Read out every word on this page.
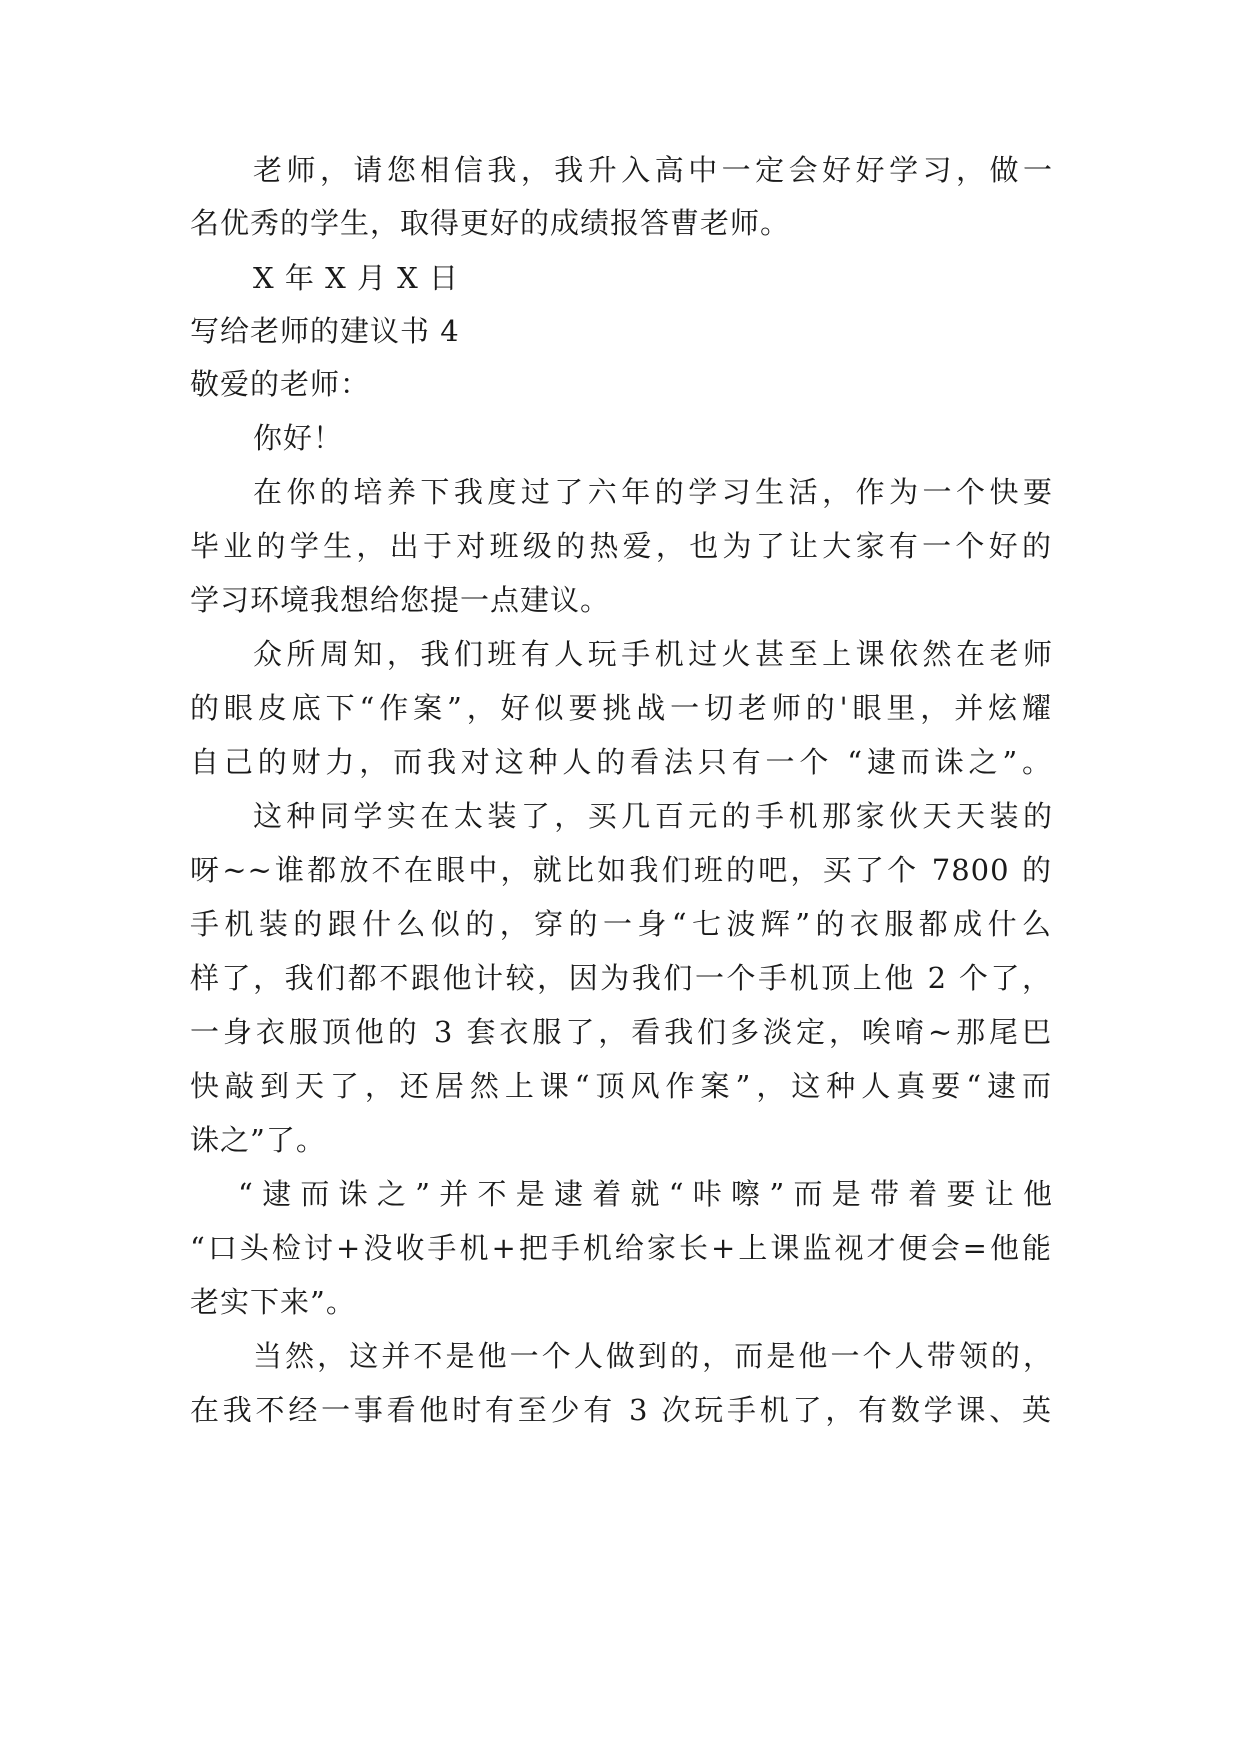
老师，请您相信我，我升入高中一定会好好学习，做一
名优秀的学生，取得更好的成绩报答曹老师。
X 年 X 月 X 日
写给老师的建议书 4
敬爱的老师：
你好！
在你的培养下我度过了六年的学习生活，作为一个快要
毕业的学生，出于对班级的热爱，也为了让大家有一个好的
学习环境我想给您提一点建议。
众所周知，我们班有人玩手机过火甚至上课依然在老师
的眼皮底下“作案”，好似要挑战一切老师的'眼里，并炫耀
自己的财力，而我对这种人的看法只有一个 “逮而诛之”。
这种同学实在太装了，买几百元的手机那家伙天天装的
呀~~谁都放不在眼中，就比如我们班的吧，买了个 7800 的
手机装的跟什么似的，穿的一身“七波辉”的衣服都成什么
样了，我们都不跟他计较，因为我们一个手机顶上他 2 个了，
一身衣服顶他的 3 套衣服了，看我们多淡定，唉唷~那尾巴
快敲到天了，还居然上课“顶风作案”，这种人真要“逮而
诛之”了。
“逮而诛之”并不是逮着就“咔嚓”而是带着要让他
“口头检讨+没收手机+把手机给家长+上课监视才便会=他能
老实下来”。
当然，这并不是他一个人做到的，而是他一个人带领的，
在我不经一事看他时有至少有 3 次玩手机了，有数学课、英
